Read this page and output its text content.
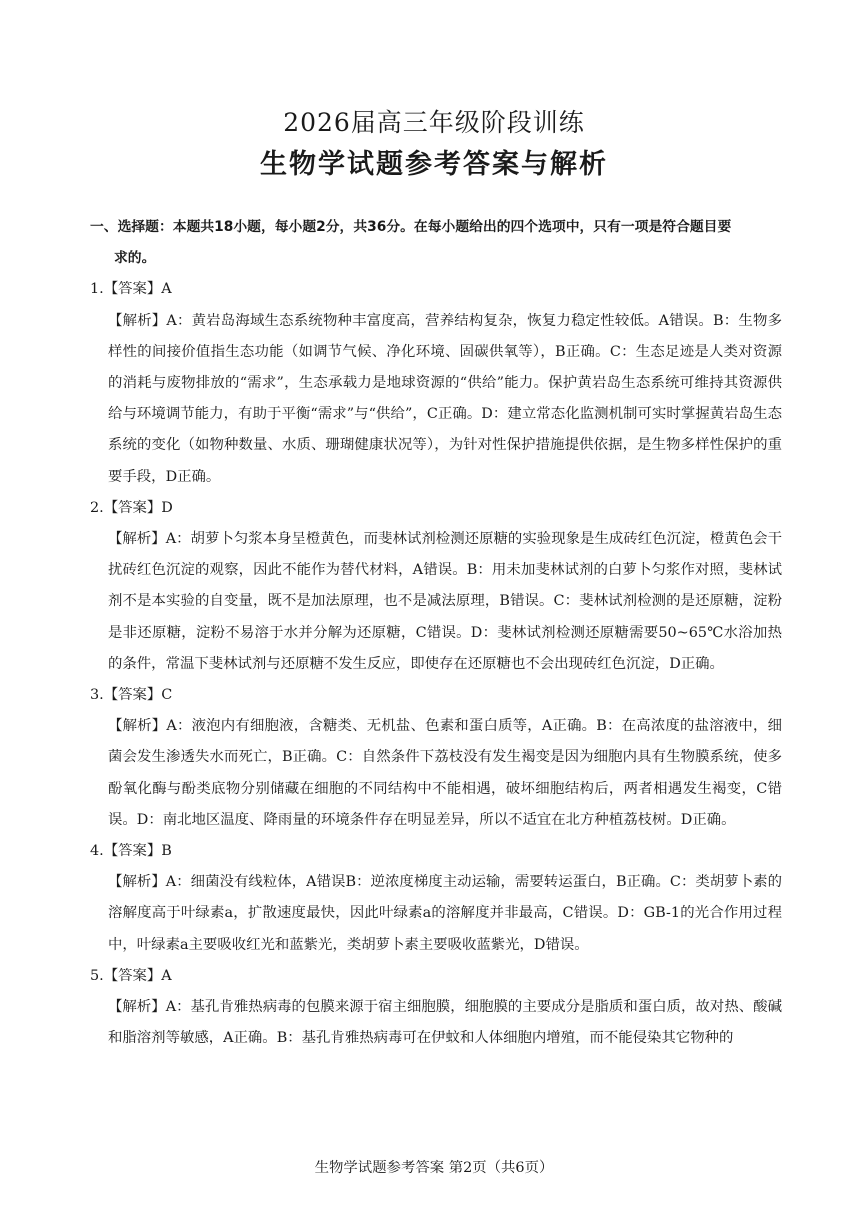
2026届高三年级阶段训练
生物学试题参考答案与解析

一、选择题：本题共18小题，每小题2分，共36分。在每小题给出的四个选项中，只有一项是符合题目要
求的。

1.【答案】A

【解析】A：黄岩岛海域生态系统物种丰富度高，营养结构复杂，恢复力稳定性较低。A错误。B：生物多样性的间接价值指生态功能（如调节气候、净化环境、固碳供氧等），B正确。C：生态足迹是人类对资源的消耗与废物排放的“需求”，生态承载力是地球资源的“供给”能力。保护黄岩岛生态系统可维持其资源供给与环境调节能力，有助于平衡“需求”与“供给”，C正确。D：建立常态化监测机制可实时掌握黄岩岛生态系统的变化（如物种数量、水质、珊瑚健康状况等），为针对性保护措施提供依据，是生物多样性保护的重要手段，D正确。

2.【答案】D

【解析】A：胡萝卜匀浆本身呈橙黄色，而斐林试剂检测还原糖的实验现象是生成砖红色沉淀，橙黄色会干扰砖红色沉淀的观察，因此不能作为替代材料，A错误。B：用未加斐林试剂的白萝卜匀浆作对照，斐林试剂不是本实验的自变量，既不是加法原理，也不是减法原理，B错误。C：斐林试剂检测的是还原糖，淀粉是非还原糖，淀粉不易溶于水并分解为还原糖，C错误。D：斐林试剂检测还原糖需要50~65℃水浴加热的条件，常温下斐林试剂与还原糖不发生反应，即使存在还原糖也不会出现砖红色沉淀，D正确。

3.【答案】C

【解析】A：液泡内有细胞液，含糖类、无机盐、色素和蛋白质等，A正确。B：在高浓度的盐溶液中，细菌会发生渗透失水而死亡，B正确。C：自然条件下荔枝没有发生褐变是因为细胞内具有生物膜系统，使多酚氧化酶与酚类底物分别储藏在细胞的不同结构中不能相遇，破坏细胞结构后，两者相遇发生褐变，C错误。D：南北地区温度、降雨量的环境条件存在明显差异，所以不适宜在北方种植荔枝树。D正确。

4.【答案】B

【解析】A：细菌没有线粒体，A错误B：逆浓度梯度主动运输，需要转运蛋白，B正确。C：类胡萝卜素的溶解度高于叶绿素a，扩散速度最快，因此叶绿素a的溶解度并非最高，C错误。D：GB-1的光合作用过程中，叶绿素a主要吸收红光和蓝紫光，类胡萝卜素主要吸收蓝紫光，D错误。

5.【答案】A

【解析】A：基孔肯雅热病毒的包膜来源于宿主细胞膜，细胞膜的主要成分是脂质和蛋白质，故对热、酸碱和脂溶剂等敏感，A正确。B：基孔肯雅热病毒可在伊蚊和人体细胞内增殖，而不能侵染其它物种的

生物学试题参考答案 第2页（共6页）
